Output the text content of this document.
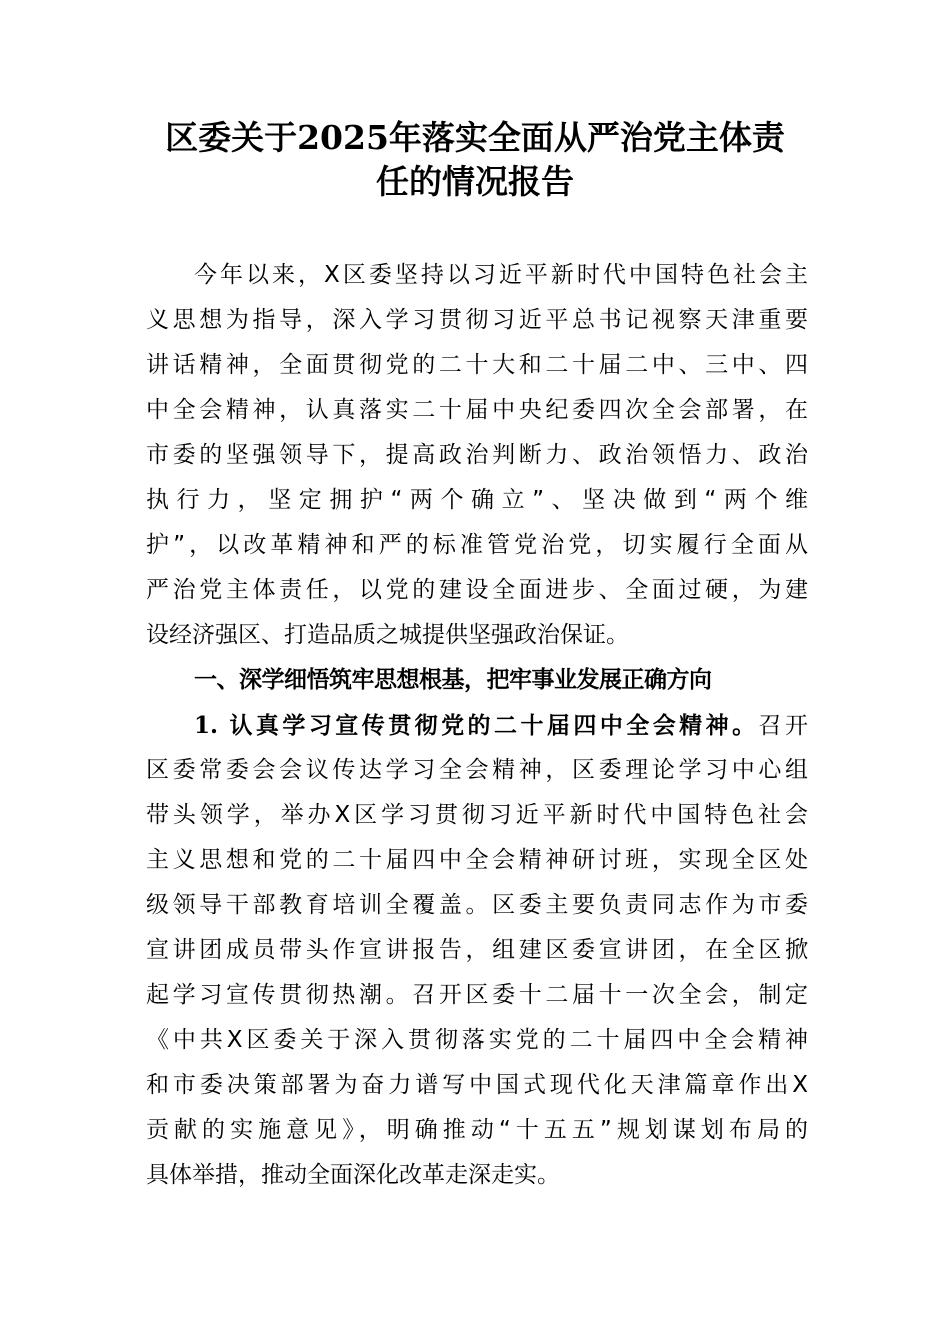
区委关于2025年落实全面从严治党主体责
任的情况报告
今年以来，X区委坚持以习近平新时代中国特色社会主
义思想为指导，深入学习贯彻习近平总书记视察天津重要
讲话精神，全面贯彻党的二十大和二十届二中、三中、四
中全会精神，认真落实二十届中央纪委四次全会部署，在
市委的坚强领导下，提高政治判断力、政治领悟力、政治
执行力，坚定拥护“两个确立”、坚决做到“两个维
护”，以改革精神和严的标准管党治党，切实履行全面从
严治党主体责任，以党的建设全面进步、全面过硬，为建
设经济强区、打造品质之城提供坚强政治保证。
一、深学细悟筑牢思想根基，把牢事业发展正确方向
1. 认真学习宣传贯彻党的二十届四中全会精神。召开
区委常委会会议传达学习全会精神，区委理论学习中心组
带头领学，举办X区学习贯彻习近平新时代中国特色社会
主义思想和党的二十届四中全会精神研讨班，实现全区处
级领导干部教育培训全覆盖。区委主要负责同志作为市委
宣讲团成员带头作宣讲报告，组建区委宣讲团，在全区掀
起学习宣传贯彻热潮。召开区委十二届十一次全会，制定
《中共X区委关于深入贯彻落实党的二十届四中全会精神
和市委决策部署为奋力谱写中国式现代化天津篇章作出X
贡献的实施意见》，明确推动“十五五”规划谋划布局的
具体举措，推动全面深化改革走深走实。
